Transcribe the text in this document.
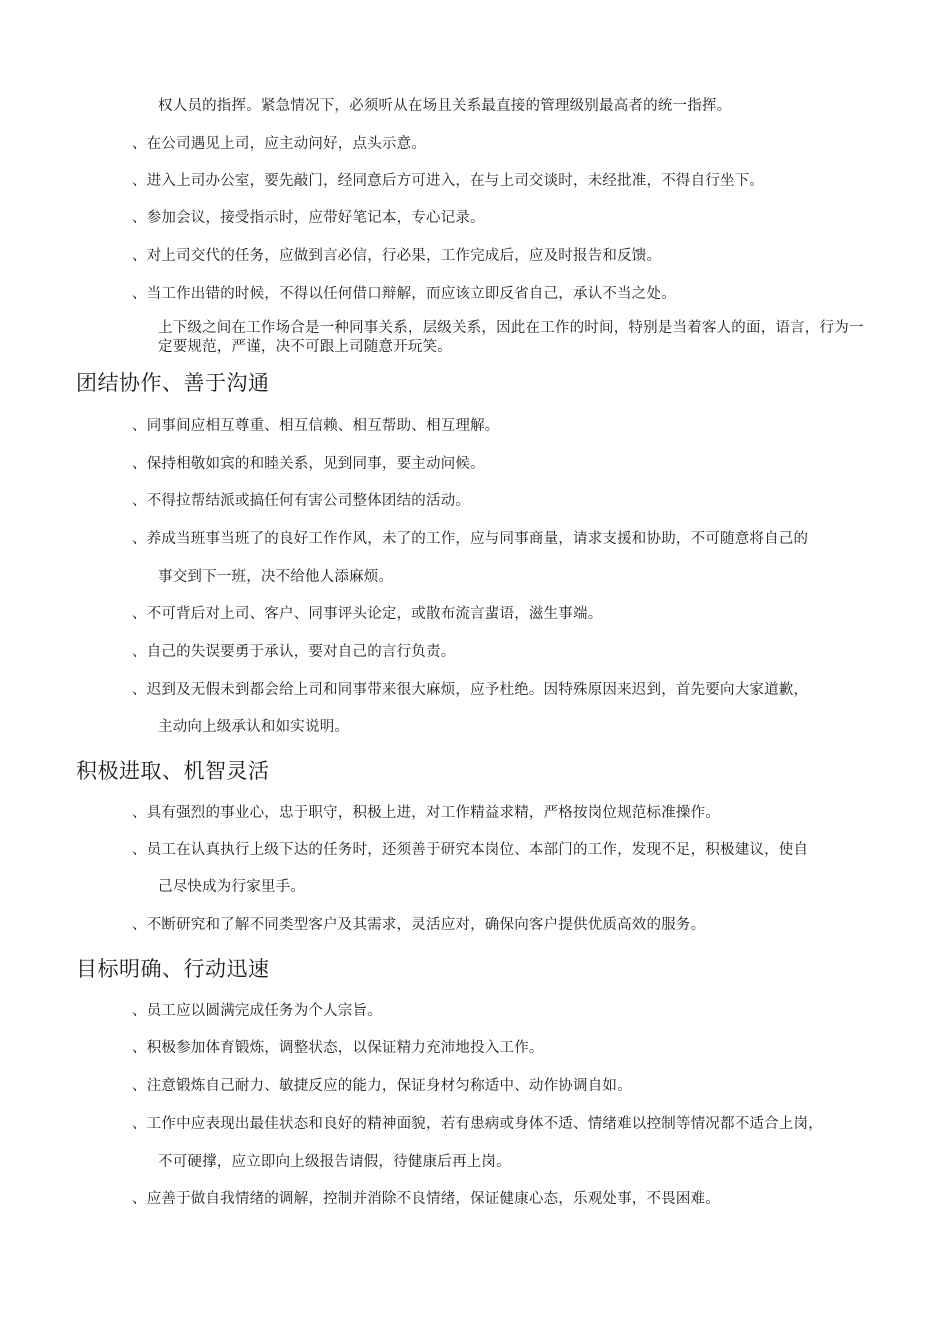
权人员的指挥。紧急情况下，必须听从在场且关系最直接的管理级别最高者的统一指挥。
、在公司遇见上司，应主动问好，点头示意。
、进入上司办公室，要先敲门，经同意后方可进入，在与上司交谈时，未经批准，不得自行坐下。
、参加会议，接受指示时，应带好笔记本，专心记录。
、对上司交代的任务，应做到言必信，行必果，工作完成后，应及时报告和反馈。
、当工作出错的时候，不得以任何借口辩解，而应该立即反省自己，承认不当之处。
上下级之间在工作场合是一种同事关系，层级关系，因此在工作的时间，特别是当着客人的面，语言，行为一定要规范，严谨，决不可跟上司随意开玩笑。
团结协作、善于沟通
、同事间应相互尊重、相互信赖、相互帮助、相互理解。
、保持相敬如宾的和睦关系，见到同事，要主动问候。
、不得拉帮结派或搞任何有害公司整体团结的活动。
、养成当班事当班了的良好工作作风，未了的工作，应与同事商量，请求支援和协助，不可随意将自己的
事交到下一班，决不给他人添麻烦。
、不可背后对上司、客户、同事评头论定，或散布流言蜚语，滋生事端。
、自己的失误要勇于承认，要对自己的言行负责。
、迟到及无假未到都会给上司和同事带来很大麻烦，应予杜绝。因特殊原因来迟到，首先要向大家道歉，
主动向上级承认和如实说明。
积极进取、机智灵活
、具有强烈的事业心，忠于职守，积极上进，对工作精益求精，严格按岗位规范标准操作。
、员工在认真执行上级下达的任务时，还须善于研究本岗位、本部门的工作，发现不足，积极建议，使自
己尽快成为行家里手。
、不断研究和了解不同类型客户及其需求，灵活应对，确保向客户提供优质高效的服务。
目标明确、行动迅速
、员工应以圆满完成任务为个人宗旨。
、积极参加体育锻炼，调整状态，以保证精力充沛地投入工作。
、注意锻炼自己耐力、敏捷反应的能力，保证身材匀称适中、动作协调自如。
、工作中应表现出最佳状态和良好的精神面貌，若有患病或身体不适、情绪难以控制等情况都不适合上岗，
不可硬撑，应立即向上级报告请假，待健康后再上岗。
、应善于做自我情绪的调解，控制并消除不良情绪，保证健康心态，乐观处事，不畏困难。
